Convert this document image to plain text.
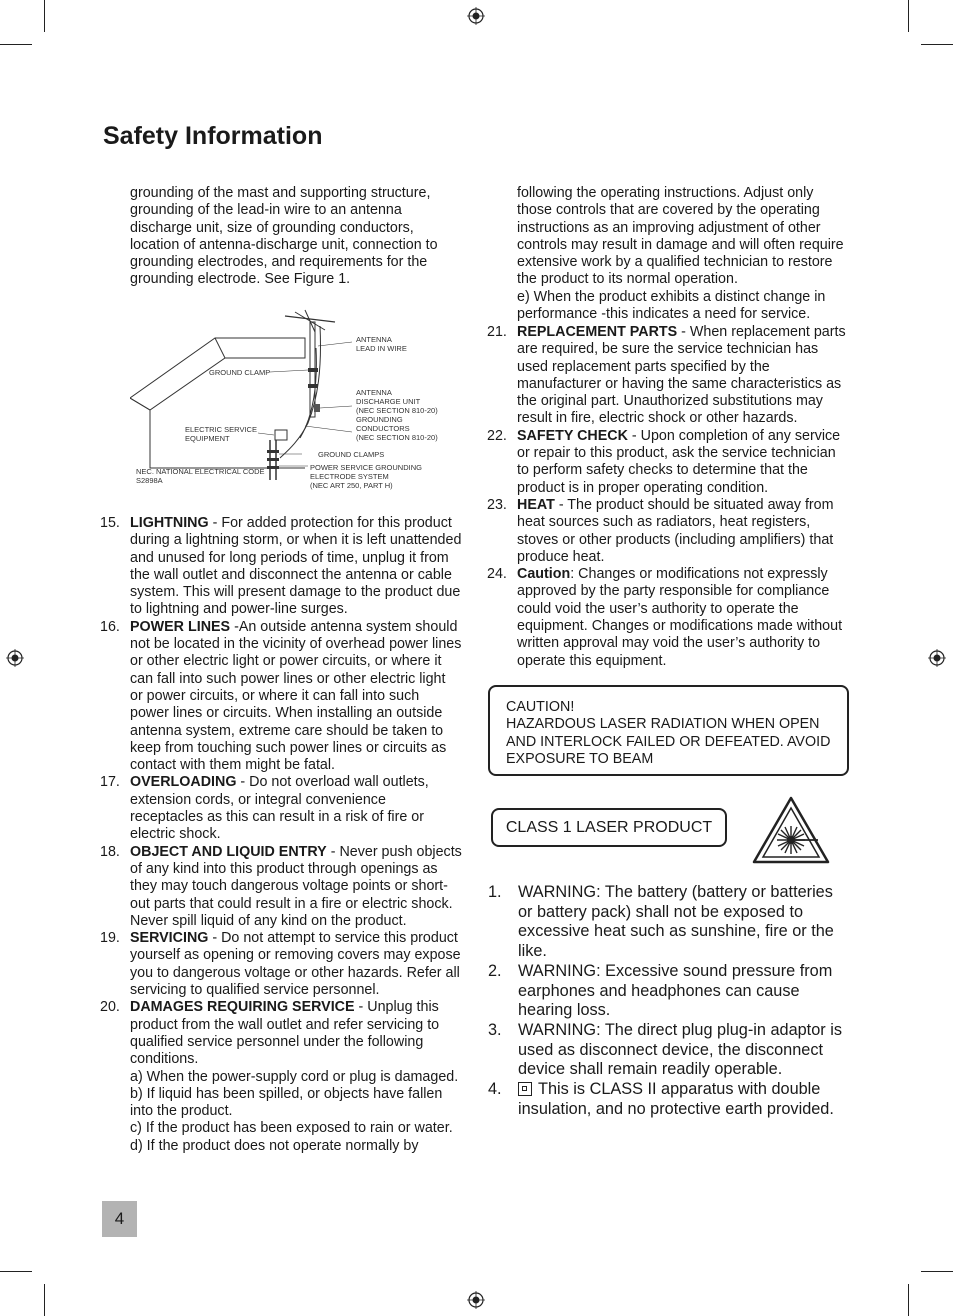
Safety Information

grounding of the mast and supporting structure, grounding of the lead-in wire to an antenna discharge unit, size of grounding conductors, location of antenna-discharge unit, connection to grounding electrodes, and requirements for the grounding electrode. See Figure 1.

ANTENNA
LEAD IN WIRE
GROUND CLAMP
ANTENNA
DISCHARGE UNIT
(NEC SECTION 810-20)
GROUNDING
CONDUCTORS
(NEC SECTION 810-20)
ELECTRIC SERVICE
EQUIPMENT
GROUND CLAMPS
NEC. NATIONAL ELECTRICAL CODE
S2898A
POWER SERVICE GROUNDING
ELECTRODE SYSTEM
(NEC ART 250, PART H)
15. LIGHTNING - For added protection for this product during a lightning storm, or when it is left unattended and unused for long periods of time, unplug it from the wall outlet and disconnect the antenna or cable system. This will present damage to the product due to lightning and power-line surges.
16. POWER LINES -An outside antenna system should not be located in the vicinity of overhead power lines or other electric light or power circuits, or where it can fall into such power lines or other electric light or power circuits, or where it can fall into such power lines or circuits. When installing an outside antenna system, extreme care should be taken to keep from touching such power lines or circuits as contact with them might be fatal.
17. OVERLOADING - Do not overload wall outlets, extension cords, or integral convenience receptacles as this can result in a risk of fire or electric shock.
18. OBJECT AND LIQUID ENTRY - Never push objects of any kind into this product through openings as they may touch dangerous voltage points or short-out parts that could result in a fire or electric shock. Never spill liquid of any kind on the product.
19. SERVICING - Do not attempt to service this product yourself as opening or removing covers may expose you to dangerous voltage or other hazards. Refer all servicing to qualified service personnel.
20. DAMAGES REQUIRING SERVICE - Unplug this product from the wall outlet and refer servicing to qualified service personnel under the following conditions.
a) When the power-supply cord or plug is damaged.
b) If liquid has been spilled, or objects have fallen into the product.
c) If the product has been exposed to rain or water.
d) If the product does not operate normally by

following the operating instructions. Adjust only those controls that are covered by the operating instructions as an improving adjustment of other controls may result in damage and will often require extensive work by a qualified technician to restore the product to its normal operation.

e) When the product exhibits a distinct change in performance -this indicates a need for service.

21. REPLACEMENT PARTS - When replacement parts are required, be sure the service technician has used replacement parts specified by the manufacturer or having the same characteristics as the original part. Unauthorized substitutions may result in fire, electric shock or other hazards.
22. SAFETY CHECK - Upon completion of any service or repair to this product, ask the service technician to perform safety checks to determine that the product is in proper operating condition.
23. HEAT - The product should be situated away from heat sources such as radiators, heat registers, stoves or other products (including amplifiers) that produce heat.
24. Caution: Changes or modifications not expressly approved by the party responsible for compliance could void the user’s authority to operate the equipment. Changes or modifications made without written approval may void the user’s authority to operate this equipment.
CAUTION!
HAZARDOUS LASER RADIATION WHEN OPEN
AND INTERLOCK FAILED OR DEFEATED. AVOID
EXPOSURE TO BEAM
CLASS 1 LASER PRODUCT
1. WARNING: The battery (battery or batteries or battery pack) shall not be exposed to excessive heat such as sunshine, fire or the like.
2. WARNING: Excessive sound pressure from earphones and headphones can cause hearing loss.
3. WARNING: The direct plug plug-in adaptor is used as disconnect device, the disconnect device shall remain readily operable.
4. This is CLASS II apparatus with double insulation, and no protective earth provided.
4
